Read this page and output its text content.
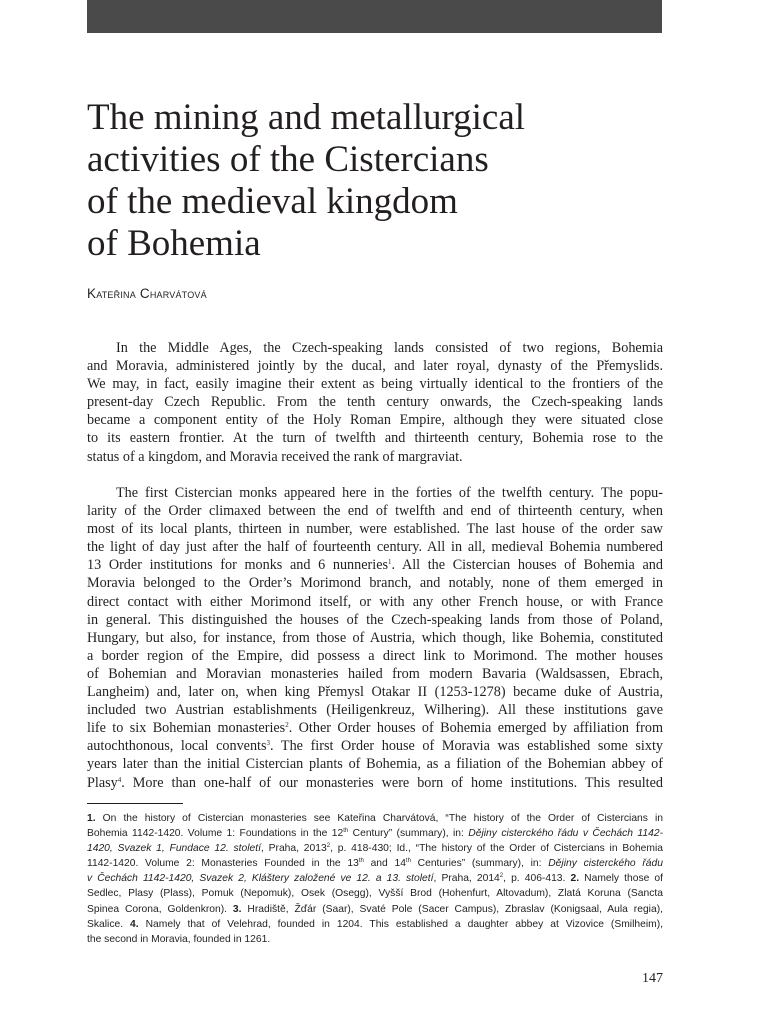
The mining and metallurgical
activities of the Cistercians
of the medieval kingdom
of Bohemia
Kateřina Charvátová
In the Middle Ages, the Czech-speaking lands consisted of two regions, Bohemia
and Moravia, administered jointly by the ducal, and later royal, dynasty of the Přemyslids.
We may, in fact, easily imagine their extent as being virtually identical to the frontiers of the
present-day Czech Republic. From the tenth century onwards, the Czech-speaking lands
became a component entity of the Holy Roman Empire, although they were situated close
to its eastern frontier. At the turn of twelfth and thirteenth century, Bohemia rose to the
status of a kingdom, and Moravia received the rank of margraviat.
The first Cistercian monks appeared here in the forties of the twelfth century. The popu-
larity of the Order climaxed between the end of twelfth and end of thirteenth century, when
most of its local plants, thirteen in number, were established. The last house of the order saw
the light of day just after the half of fourteenth century. All in all, medieval Bohemia numbered
13 Order institutions for monks and 6 nunneries$^1$. All the Cistercian houses of Bohemia and
Moravia belonged to the Order’s Morimond branch, and notably, none of them emerged in
direct contact with either Morimond itself, or with any other French house, or with France
in general. This distinguished the houses of the Czech-speaking lands from those of Poland,
Hungary, but also, for instance, from those of Austria, which though, like Bohemia, constituted
a border region of the Empire, did possess a direct link to Morimond. The mother houses
of Bohemian and Moravian monasteries hailed from modern Bavaria (Waldsassen, Ebrach,
Langheim) and, later on, when king Přemysl Otakar II (1253-1278) became duke of Austria,
included two Austrian establishments (Heiligenkreuz, Wilhering). All these institutions gave
life to six Bohemian monasteries$^2$. Other Order houses of Bohemia emerged by affiliation from
autochthonous, local convents$^3$. The first Order house of Moravia was established some sixty
years later than the initial Cistercian plants of Bohemia, as a filiation of the Bohemian abbey of
Plasy$^4$. More than one-half of our monasteries were born of home institutions. This resulted
1. On the history of Cistercian monasteries see Kateřina Charvátová, “The history of the Order of Cistercians in
Bohemia 1142-1420. Volume 1: Foundations in the 12th Century” (summary), in: Dějiny cisterckého řádu v Čechách 1142-
1420, Svazek 1, Fundace 12. století, Praha, 2013$^2$, p. 418-430; Id., “The history of the Order of Cistercians in Bohemia
1142-1420. Volume 2: Monasteries Founded in the 13th and 14th Centuries” (summary), in: Dějiny cisterckého řádu
v Čechách 1142-1420, Svazek 2, Kláštery založené ve 12. a 13. století, Praha, 2014$^2$, p. 406-413. 2. Namely those of
Sedlec, Plasy (Plass), Pomuk (Nepomuk), Osek (Osegg), Vyšší Brod (Hohenfurt, Altovadum), Zlatá Koruna (Sancta
Spinea Corona, Goldenkron). 3. Hradiště, Žďár (Saar), Svaté Pole (Sacer Campus), Zbraslav (Konigsaal, Aula regia),
Skalice. 4. Namely that of Velehrad, founded in 1204. This established a daughter abbey at Vizovice (Smilheim),
the second in Moravia, founded in 1261.
147
